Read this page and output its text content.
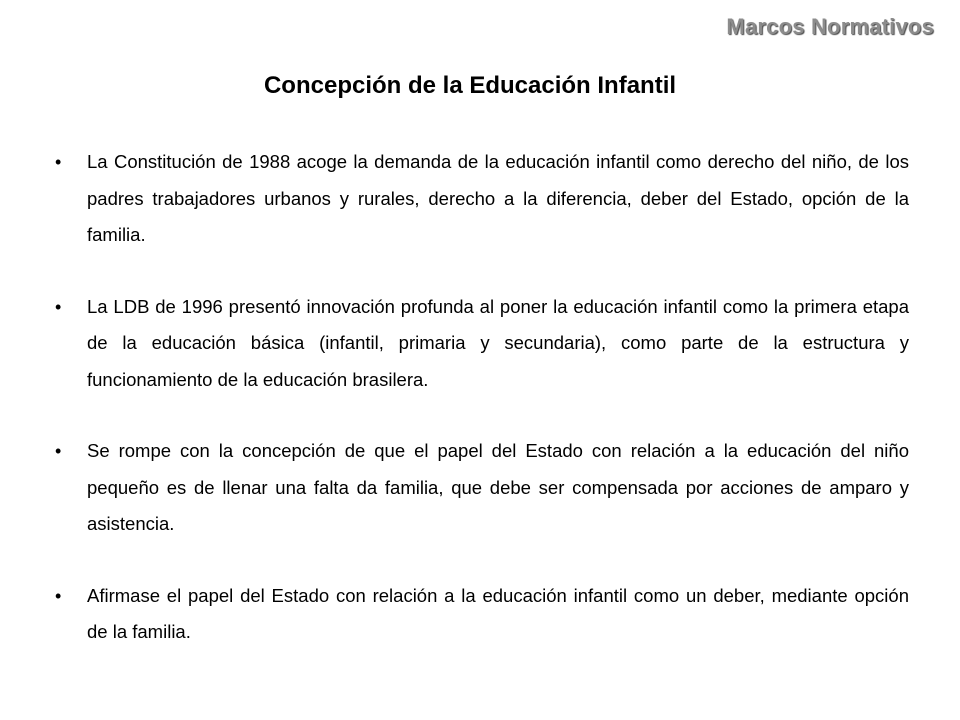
Marcos Normativos
Concepción de la Educación Infantil
•	La Constitución de 1988 acoge la demanda de la educación infantil como derecho del niño, de los padres trabajadores urbanos y rurales, derecho a la diferencia, deber del Estado, opción de la familia.
•	La LDB de 1996 presentó innovación profunda al poner la educación infantil como la primera etapa de la educación básica (infantil, primaria y secundaria), como parte de la estructura y funcionamiento de la educación brasilera.
•	Se rompe con la concepción de que el papel del Estado con relación a la educación del niño pequeño es de llenar una falta da familia, que debe ser compensada por acciones de amparo y asistencia.
•	Afirmase el papel del Estado con relación a la educación infantil como un deber, mediante opción de la familia.
